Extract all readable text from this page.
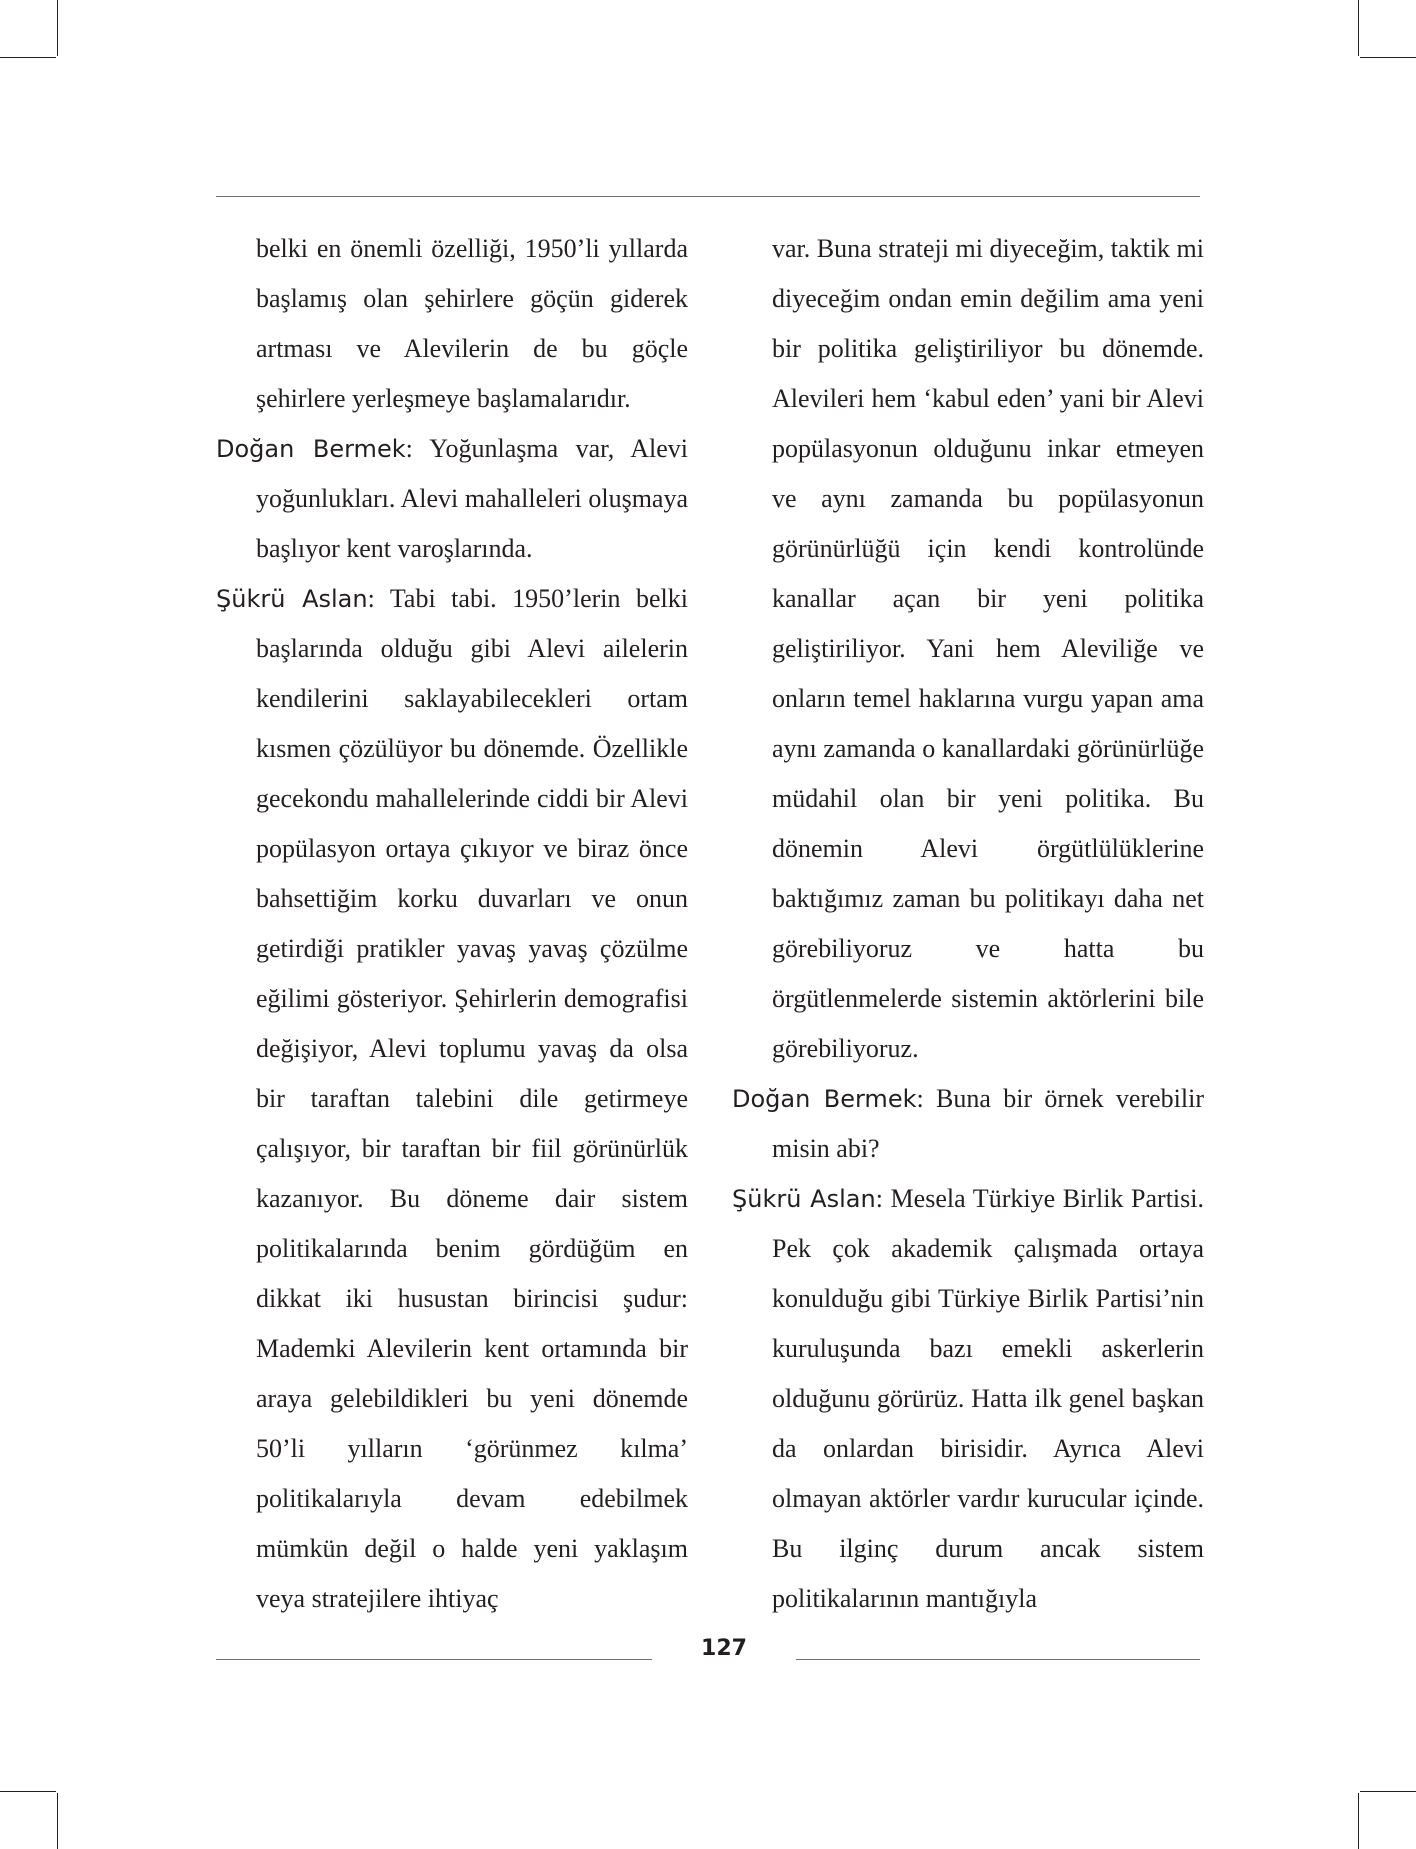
belki en önemli özelliği, 1950’li yıllarda başlamış olan şehirlere göçün giderek artması ve Alevilerin de bu göçle şehirlere yerleşmeye başlamalarıdır.

Doğan Bermek: Yoğunlaşma var, Alevi yoğunlukları. Alevi mahalleleri oluşmaya başlıyor kent varoşlarında.

Şükrü Aslan: Tabi tabi. 1950’lerin belki başlarında olduğu gibi Alevi ailelerin kendilerini saklayabilecekleri ortam kısmen çözülüyor bu dönemde. Özellikle gecekondu mahallelerinde ciddi bir Alevi popülasyon ortaya çıkıyor ve biraz önce bahsettiğim korku duvarları ve onun getirdiği pratikler yavaş yavaş çözülme eğilimi gösteriyor. Şehirlerin demografisi değişiyor, Alevi toplumu yavaş da olsa bir taraftan talebini dile getirmeye çalışıyor, bir taraftan bir fiil görünürlük kazanıyor. Bu döneme dair sistem politikalarında benim gördüğüm en dikkat iki husustan birincisi şudur: Mademki Alevilerin kent ortamında bir araya gelebildikleri bu yeni dönemde 50’li yılların ‘görünmez kılma’ politikalarıyla devam edebilmek mümkün değil o halde yeni yaklaşım veya stratejilere ihtiyaç

var. Buna strateji mi diyeceğim, taktik mi diyeceğim ondan emin değilim ama yeni bir politika geliştiriliyor bu dönemde. Alevileri hem ‘kabul eden’ yani bir Alevi popülasyonun olduğunu inkar etmeyen ve aynı zamanda bu popülasyonun görünürlüğü için kendi kontrolünde kanallar açan bir yeni politika geliştiriliyor. Yani hem Aleviliğe ve onların temel haklarına vurgu yapan ama aynı zamanda o kanallardaki görünürlüğe müdahil olan bir yeni politika. Bu dönemin Alevi örgütlülüklerine baktığımız zaman bu politikayı daha net görebiliyoruz ve hatta bu örgütlenmelerde sistemin aktörlerini bile görebiliyoruz.

Doğan Bermek: Buna bir örnek verebilir misin abi?

Şükrü Aslan: Mesela Türkiye Birlik Partisi. Pek çok akademik çalışmada ortaya konulduğu gibi Türkiye Birlik Partisi’nin kuruluşunda bazı emekli askerlerin olduğunu görürüz. Hatta ilk genel başkan da onlardan birisidir. Ayrıca Alevi olmayan aktörler vardır kurucular içinde. Bu ilginç durum ancak sistem politikalarının mantığıyla

127
